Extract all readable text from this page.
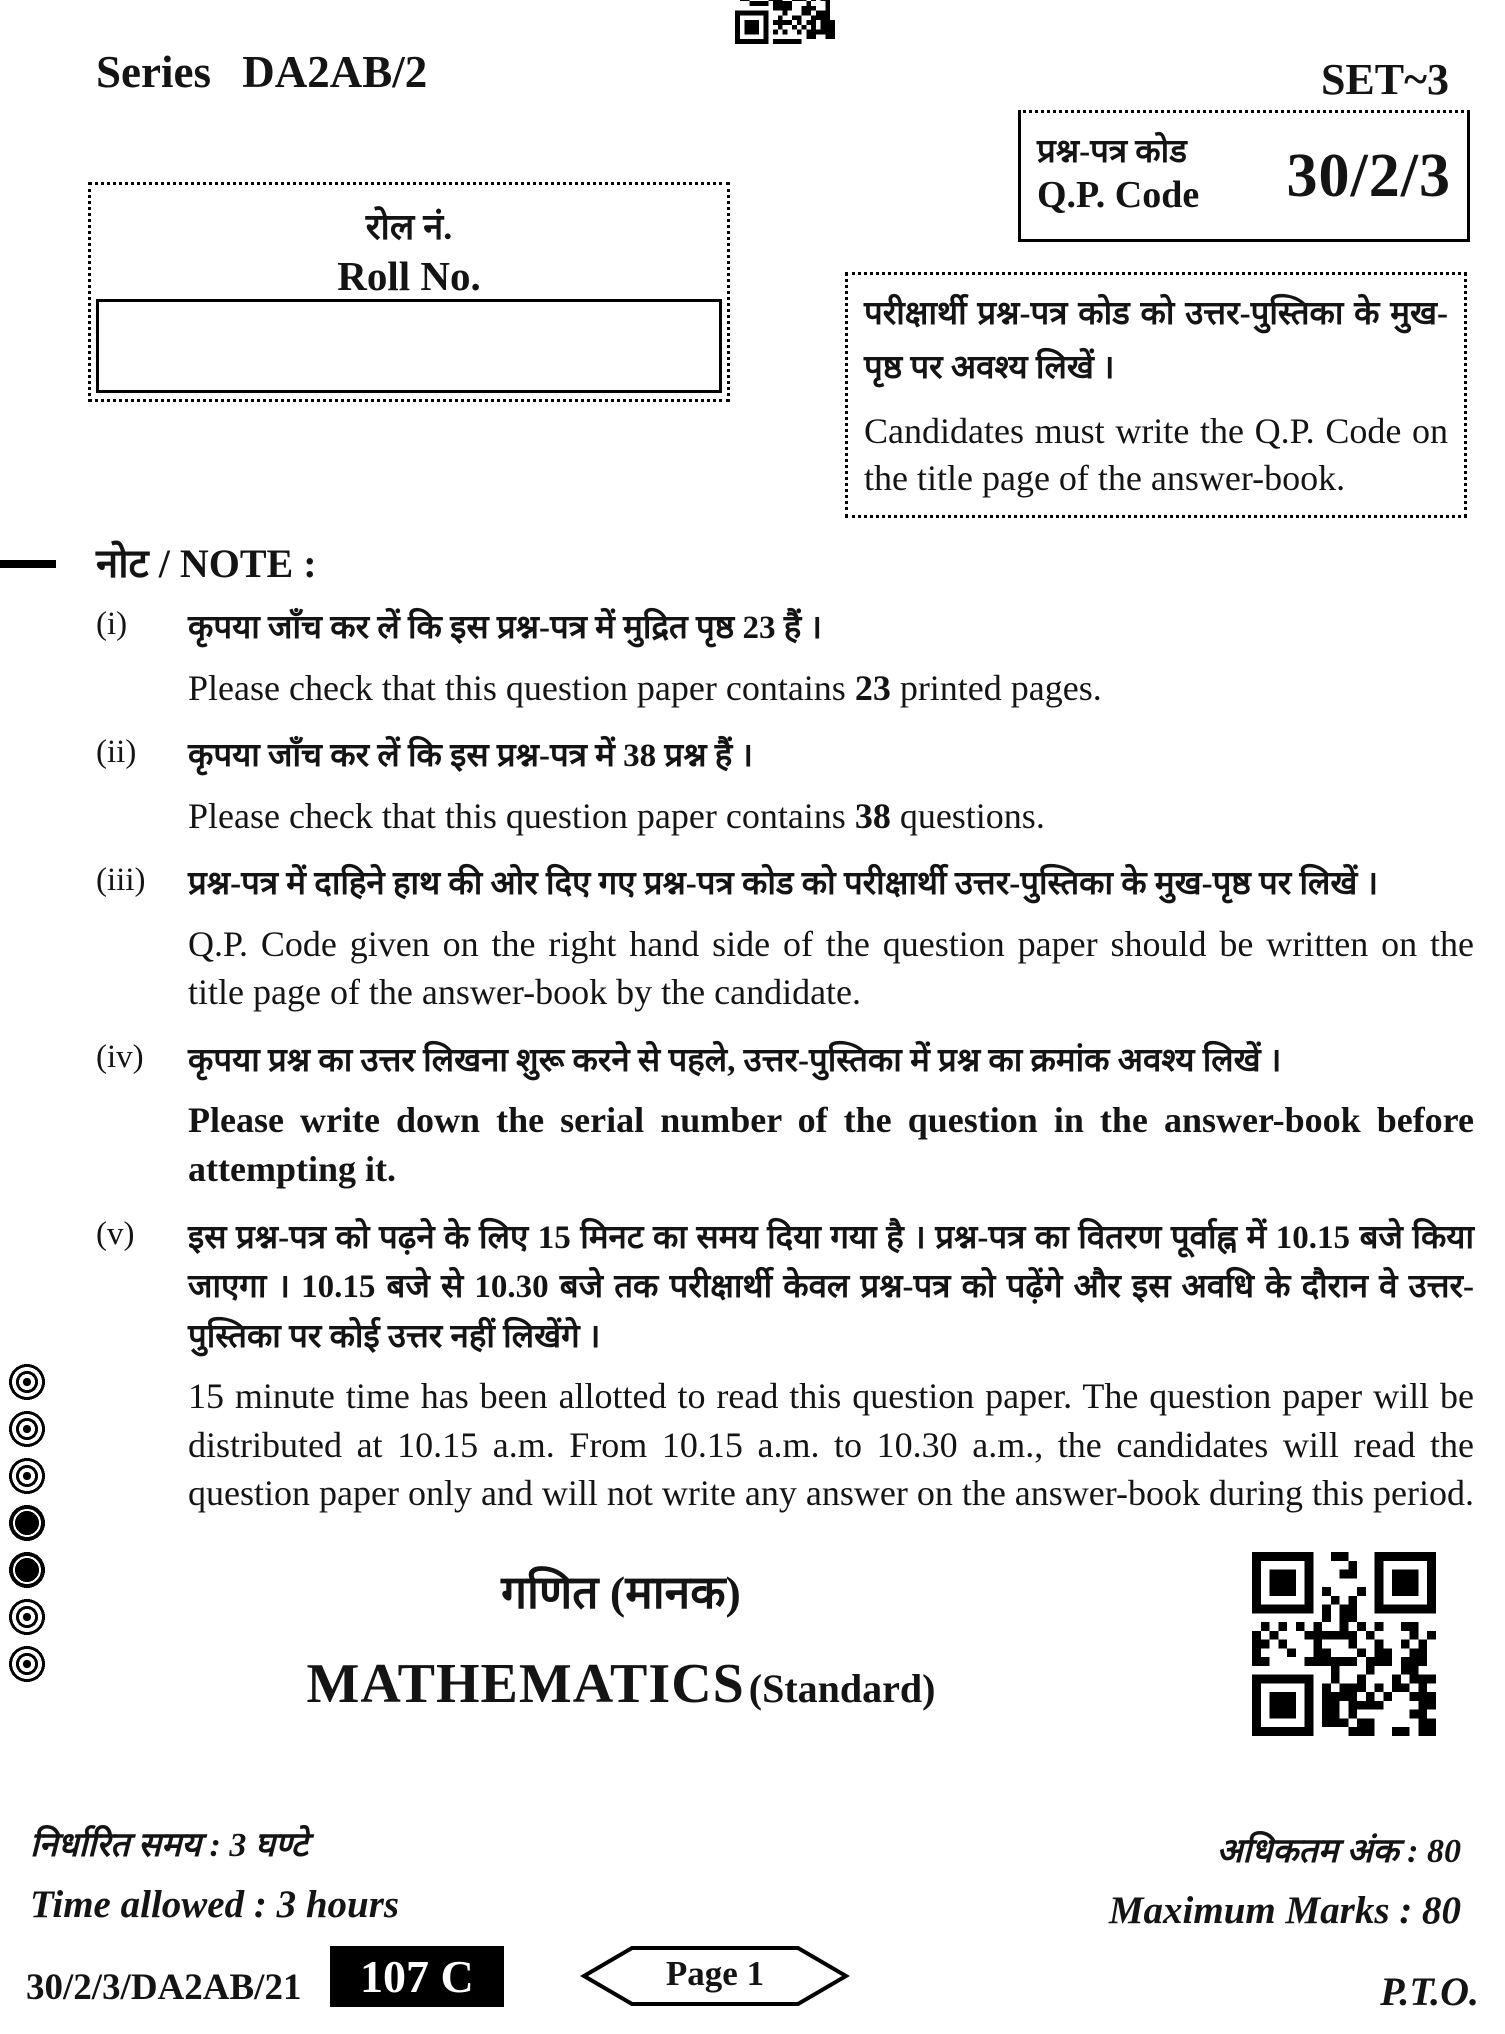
Series DA2AB/2	SET~3
प्रश्न-पत्र कोड
Q.P. Code 30/2/3
रोल नं.
Roll No.
परीक्षार्थी प्रश्न-पत्र कोड को उत्तर-पुस्तिका के मुख-पृष्ठ पर अवश्य लिखें ।
Candidates must write the Q.P. Code on the title page of the answer-book.
नोट / NOTE :
(i)	कृपया जाँच कर लें कि इस प्रश्न-पत्र में मुद्रित पृष्ठ 23 हैं ।
Please check that this question paper contains 23 printed pages.
(ii)	कृपया जाँच कर लें कि इस प्रश्न-पत्र में 38 प्रश्न हैं ।
Please check that this question paper contains 38 questions.
(iii)	प्रश्न-पत्र में दाहिने हाथ की ओर दिए गए प्रश्न-पत्र कोड को परीक्षार्थी उत्तर-पुस्तिका के मुख-पृष्ठ पर लिखें ।
Q.P. Code given on the right hand side of the question paper should be written on the title page of the answer-book by the candidate.
(iv)	कृपया प्रश्न का उत्तर लिखना शुरू करने से पहले, उत्तर-पुस्तिका में प्रश्न का क्रमांक अवश्य लिखें ।
Please write down the serial number of the question in the answer-book before attempting it.
(v)	इस प्रश्न-पत्र को पढ़ने के लिए 15 मिनट का समय दिया गया है । प्रश्न-पत्र का वितरण पूर्वाह्न में 10.15 बजे किया जाएगा । 10.15 बजे से 10.30 बजे तक परीक्षार्थी केवल प्रश्न-पत्र को पढ़ेंगे और इस अवधि के दौरान वे उत्तर-पुस्तिका पर कोई उत्तर नहीं लिखेंगे ।
15 minute time has been allotted to read this question paper. The question paper will be distributed at 10.15 a.m. From 10.15 a.m. to 10.30 a.m., the candidates will read the question paper only and will not write any answer on the answer-book during this period.
गणित (मानक)
MATHEMATICS (Standard)
निर्धारित समय : 3 घण्टे
Time allowed : 3 hours
अधिकतम अंक : 80
Maximum Marks : 80
30/2/3/DA2AB/21	107 C	Page 1	P.T.O.
